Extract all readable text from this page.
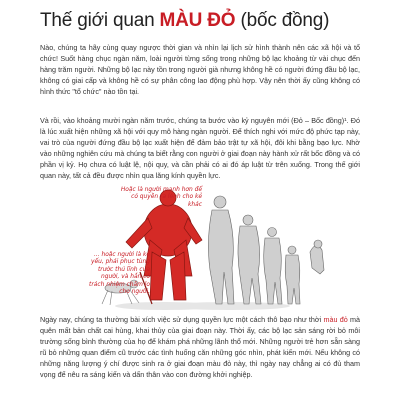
Thế giới quan MÀU ĐỎ (bốc đồng)

Nào, chúng ta hãy cùng quay ngược thời gian và nhìn lại lịch sử hình thành nên các xã hội và tổ chức! Suốt hàng chục ngàn năm, loài người từng sống trong những bộ lạc khoảng từ vài chục đến hàng trăm người. Những bộ lạc này tồn trong người già nhưng không hề có người đứng đầu bộ lạc, không có giai cấp và không hề có sự phân công lao động phù hợp. Vậy nên thời ấy cũng không có hình thức "tổ chức" nào tồn tại.

Và rồi, vào khoảng mười ngàn năm trước, chúng ta bước vào kỷ nguyên mới (Đỏ – Bốc đồng)¹. Đó là lúc xuất hiện những xã hội với quy mô hàng ngàn người. Để thích nghi với mức độ phức tạp này, vai trò của người đứng đầu bộ lạc xuất hiện để đảm bảo trật tự xã hội, đôi khi bằng bạo lực. Nhờ vào những nghiên cứu mà chúng ta biết rằng con người ở giai đoạn này hành xử rất bốc đồng và có phần vị kỷ. Họ chưa có luật lệ, nội quy, và cần phải có ai đó áp luật từ trên xuống. Trong thế giới quan này, tất cả đều được nhìn qua lăng kính quyền lực.

Hoặc là người mạnh hơn để có quyền ra lệnh cho kẻ khác

... hoặc người là kẻ yếu, phải phục tùng trước thủ lĩnh của người, và hắn có trách nhiệm chăm lo cho người.

Ngày nay, chúng ta thường bài xích việc sử dụng quyền lực một cách thô bạo như thời màu đỏ mà quên mất bản chất cai hùng, khai thủy của giai đoạn này. Thời ấy, các bộ lạc sản sáng rời bỏ môi trường sống bình thường của họ để khám phá những lãnh thổ mới. Những người trẻ hơn sẵn sàng rũ bỏ những quan điểm cũ trước các tình huống căn những góc nhìn, phát kiến mới. Nếu không có những năng lượng ý chí được sinh ra ở giai đoạn màu đỏ này, thì ngày nay chẳng ai có đủ tham vọng để nêu ra sáng kiến và dấn thân vào con đường khởi nghiệp.
